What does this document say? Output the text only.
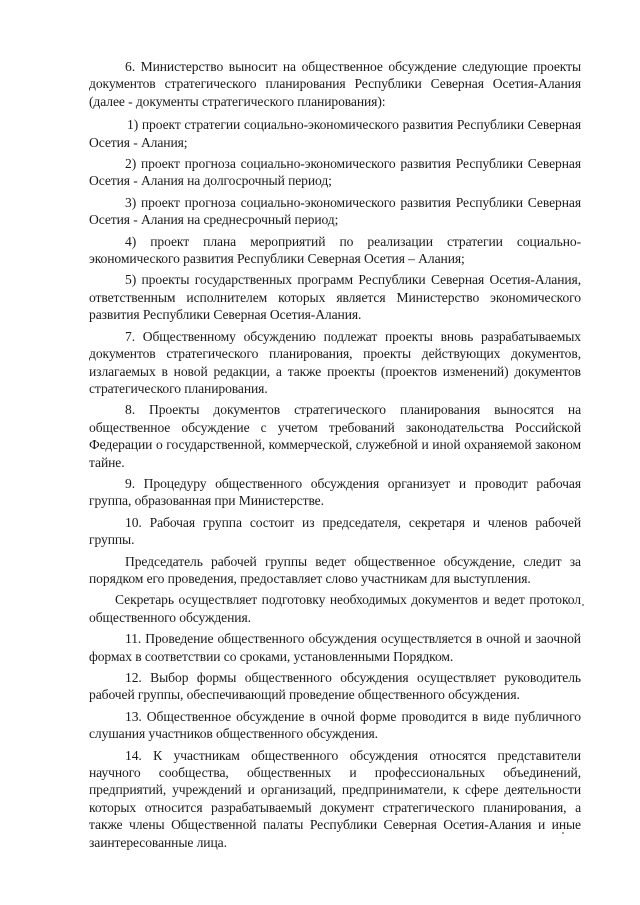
6. Министерство выносит на общественное обсуждение следующие проекты документов стратегического планирования Республики Северная Осетия-Алания (далее - документы стратегического планирования):

1) проект стратегии социально-экономического развития Республики Северная Осетия - Алания;

2) проект прогноза социально-экономического развития Республики Северная Осетия - Алания на долгосрочный период;

3) проект прогноза социально-экономического развития Республики Северная Осетия - Алания на среднесрочный период;

4) проект плана мероприятий по реализации стратегии социально-экономического развития Республики Северная Осетия – Алания;

5) проекты государственных программ Республики Северная Осетия-Алания, ответственным исполнителем которых является Министерство экономического развития Республики Северная Осетия-Алания.

7. Общественному обсуждению подлежат проекты вновь разрабатываемых документов стратегического планирования, проекты действующих документов, излагаемых в новой редакции, а также проекты (проектов изменений) документов стратегического планирования.

8. Проекты документов стратегического планирования выносятся на общественное обсуждение с учетом требований законодательства Российской Федерации о государственной, коммерческой, служебной и иной охраняемой законом тайне.

9. Процедуру общественного обсуждения организует и проводит рабочая группа, образованная при Министерстве.

10. Рабочая группа состоит из председателя, секретаря и членов рабочей группы.

Председатель рабочей группы ведет общественное обсуждение, следит за порядком его проведения, предоставляет слово участникам для выступления.

Секретарь осуществляет подготовку необходимых документов и ведет протокол общественного обсуждения.

11. Проведение общественного обсуждения осуществляется в очной и заочной формах в соответствии со сроками, установленными Порядком.

12. Выбор формы общественного обсуждения осуществляет руководитель рабочей группы, обеспечивающий проведение общественного обсуждения.

13. Общественное обсуждение в очной форме проводится в виде публичного слушания участников общественного обсуждения.

14. К участникам общественного обсуждения относятся представители научного сообщества, общественных и профессиональных объединений, предприятий, учреждений и организаций, предприниматели, к сфере деятельности которых относится разрабатываемый документ стратегического планирования, а также члены Общественной палаты Республики Северная Осетия-Алания и иные заинтересованные лица.
